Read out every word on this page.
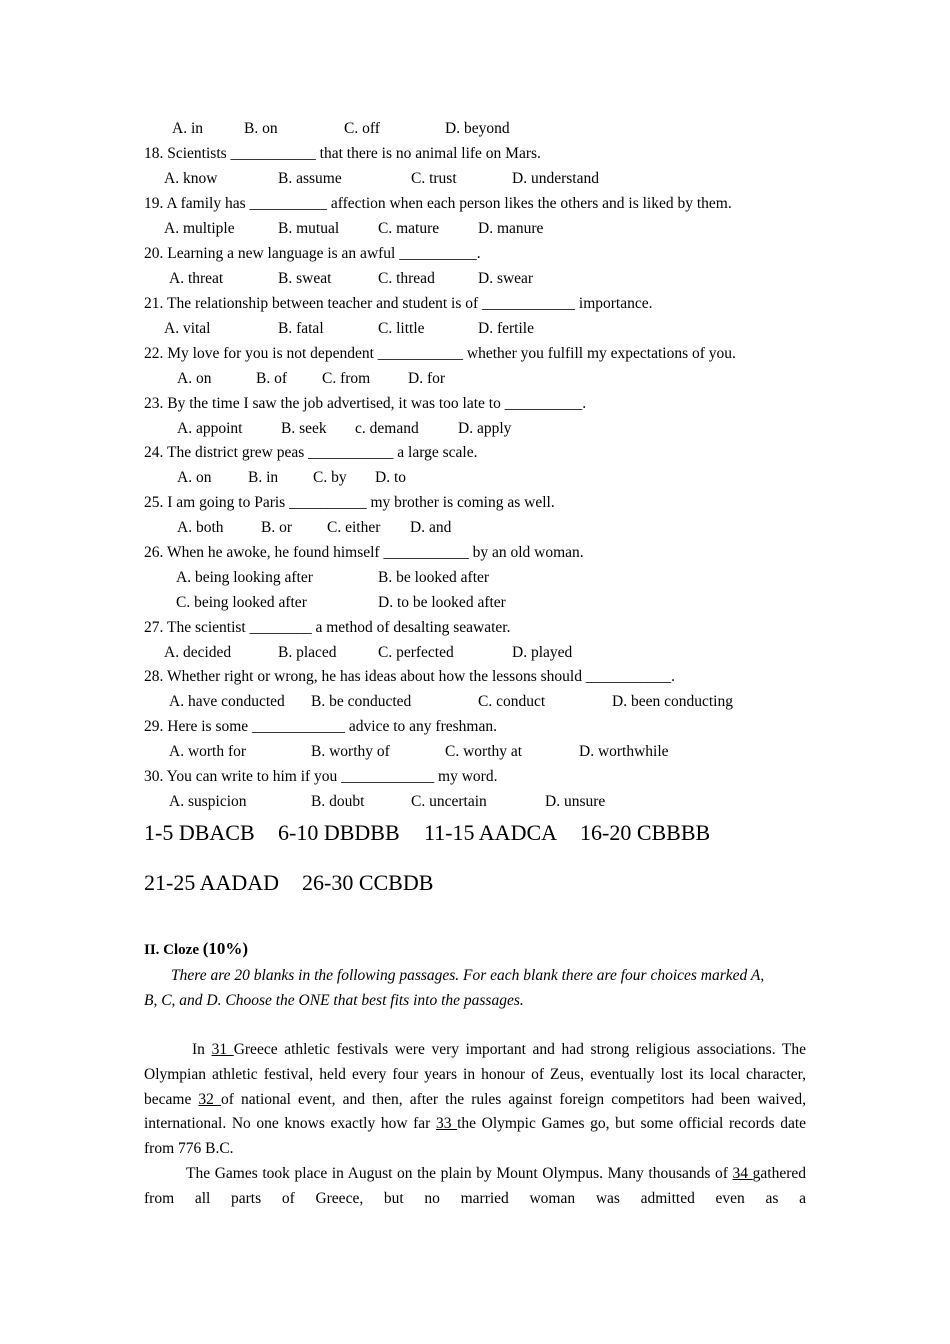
A. in	B. on	C. off	D. beyond
18. Scientists ___________ that there is no animal life on Mars.
A. know	B. assume	C. trust	D. understand
19. A family has __________ affection when each person likes the others and is liked by them.
A. multiple	B. mutual	C. mature	D. manure
20. Learning a new language is an awful __________.
A. threat	B. sweat	C. thread	D. swear
21. The relationship between teacher and student is of ____________ importance.
A. vital	B. fatal	C. little	D. fertile
22. My love for you is not dependent ___________ whether you fulfill my expectations of you.
A. on	B. of C. from D. for
23. By the time I saw the job advertised, it was too late to __________.
A. appoint B. seek c. demand	D. apply
24. The district grew peas ___________ a large scale.
A. on B. in C. by D. to
25. I am going to Paris __________ my brother is coming as well.
A. both B. or C. either D. and
26. When he awoke, he found himself ___________ by an old woman.
A. being looking after	B. be looked after
C. being looked after	D. to be looked after
27. The scientist ________ a method of desalting seawater.
A. decided	B. placed	C. perfected	D. played
28. Whether right or wrong, he has ideas about how the lessons should ___________.
A. have conducted B. be conducted	C. conduct	D. been conducting
29. Here is some ____________ advice to any freshman.
A. worth for	B. worthy of	C. worthy at	D. worthwhile
30. You can write to him if you ____________ my word.
A. suspicion	B. doubt	C. uncertain	D. unsure
1-5 DBACB 6-10 DBDBB 11-15 AADCA 16-20 CBBBB
21-25 AADAD 26-30 CCBDB
II. Cloze (10%)
There are 20 blanks in the following passages. For each blank there are four choices marked A,
B, C, and D. Choose the ONE that best fits into the passages.
In 31 Greece athletic festivals were very important and had strong religious associations. The Olympian athletic festival, held every four years in honour of Zeus, eventually lost its local character, became 32 of national event, and then, after the rules against foreign competitors had been waived, international. No one knows exactly how far 33 the Olympic Games go, but some official records date from 776 B.C.
The Games took place in August on the plain by Mount Olympus. Many thousands of 34 gathered from all parts of Greece, but no married woman was admitted even as a
